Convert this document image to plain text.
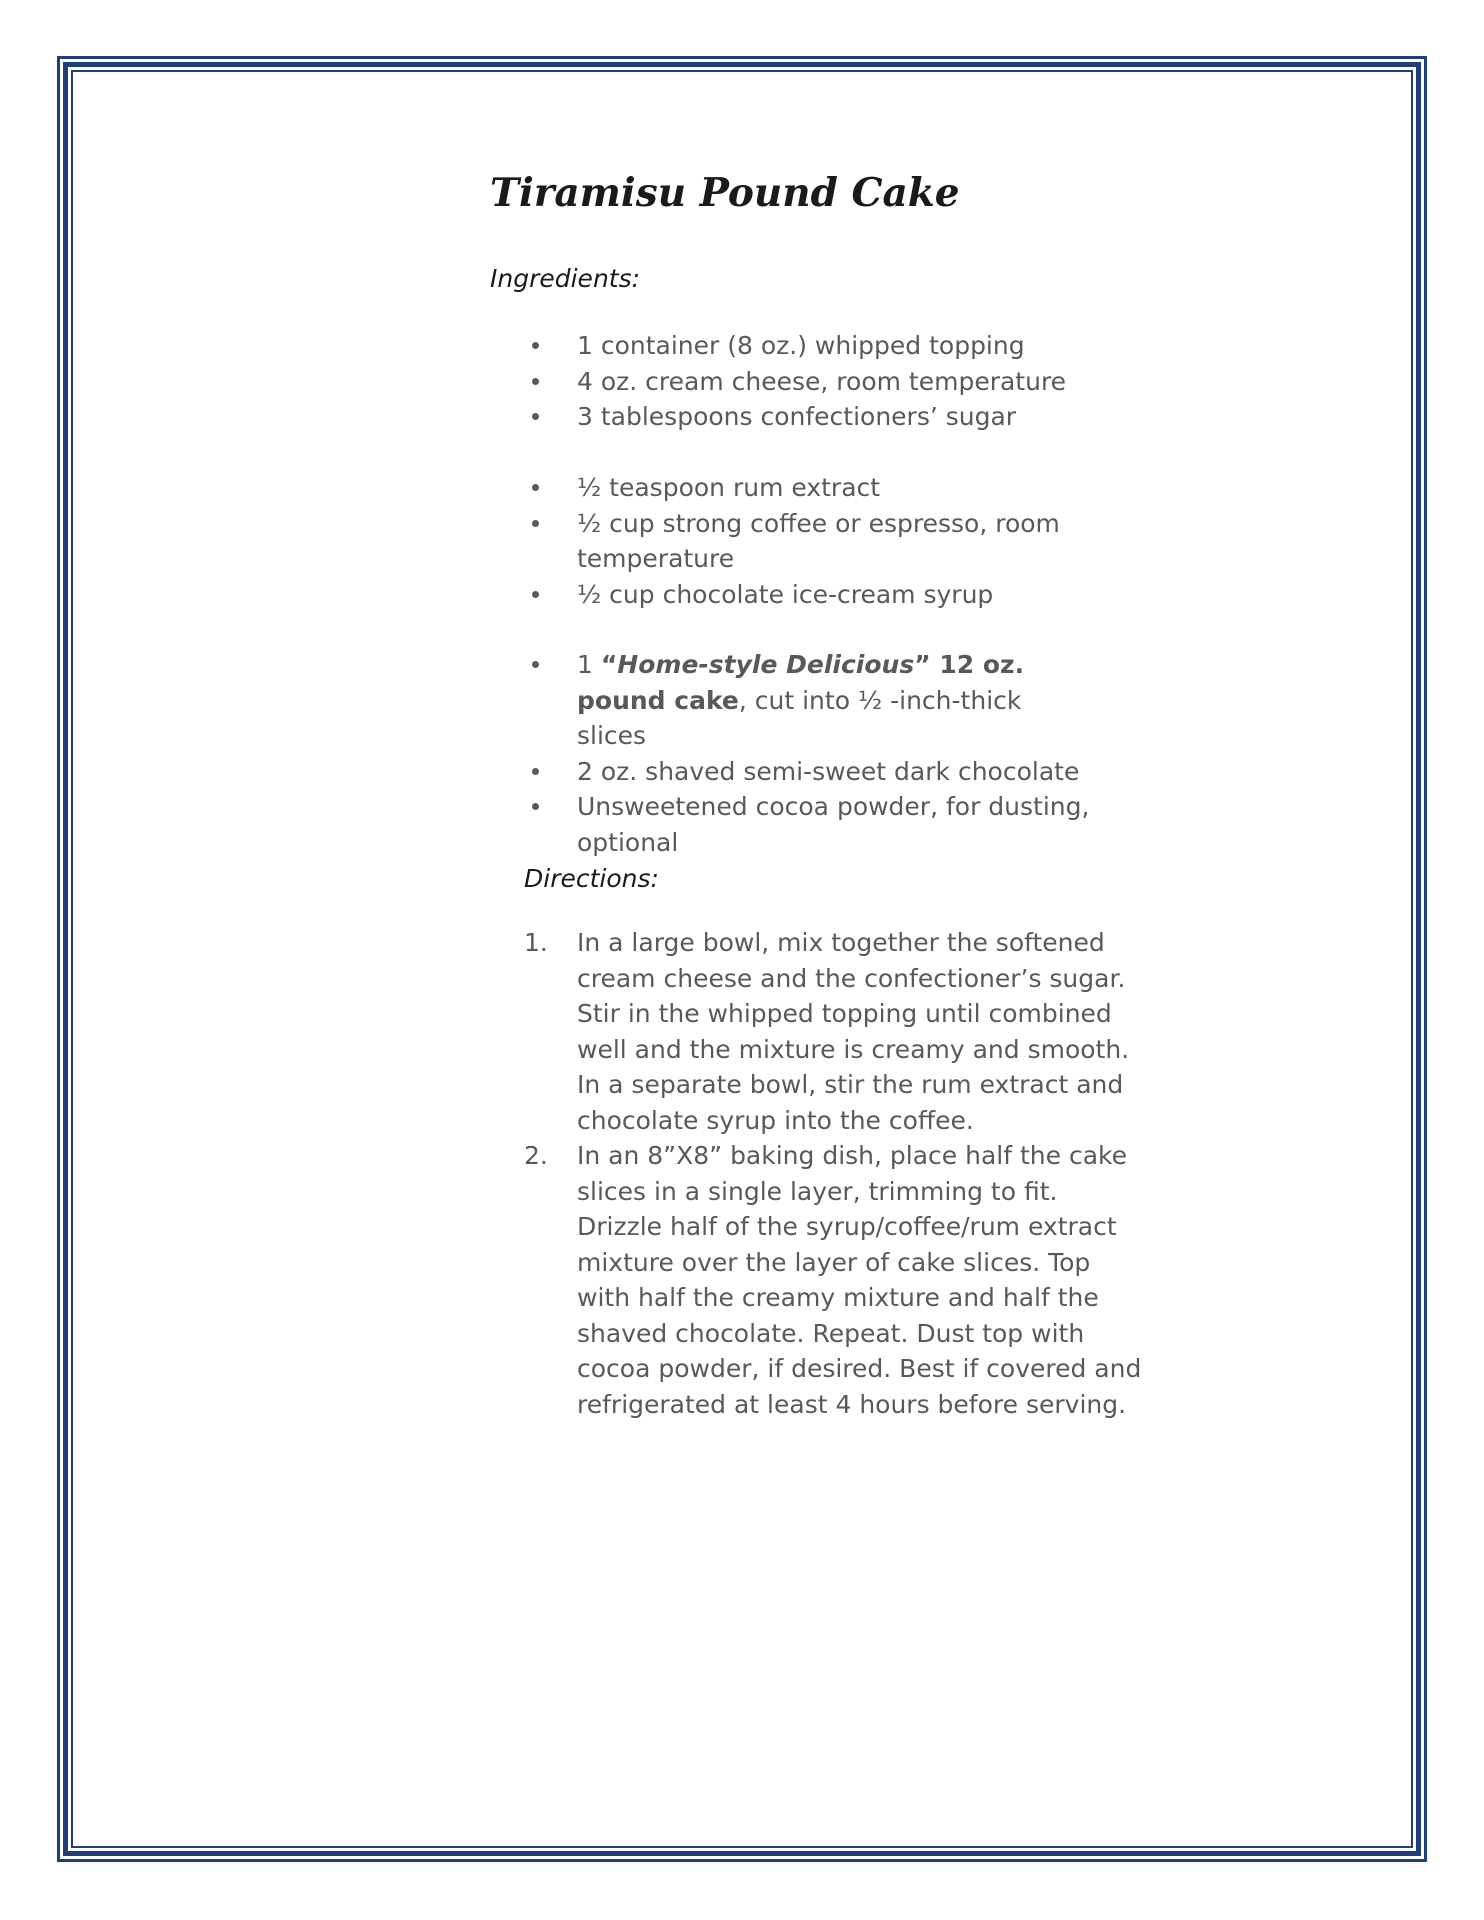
Tiramisu Pound Cake
Ingredients:
1 container (8 oz.) whipped topping
4 oz. cream cheese, room temperature
3 tablespoons confectioners’ sugar
½ teaspoon rum extract
½ cup strong coffee or espresso, room temperature
½ cup chocolate ice-cream syrup
1 “Home-style Delicious” 12 oz. pound cake, cut into ½ -inch-thick slices
2 oz. shaved semi-sweet dark chocolate
Unsweetened cocoa powder, for dusting, optional
Directions:
1. In a large bowl, mix together the softened cream cheese and the confectioner’s sugar. Stir in the whipped topping until combined well and the mixture is creamy and smooth. In a separate bowl, stir the rum extract and chocolate syrup into the coffee.
2. In an 8”X8” baking dish, place half the cake slices in a single layer, trimming to fit. Drizzle half of the syrup/coffee/rum extract mixture over the layer of cake slices. Top with half the creamy mixture and half the shaved chocolate. Repeat. Dust top with cocoa powder, if desired. Best if covered and refrigerated at least 4 hours before serving.
